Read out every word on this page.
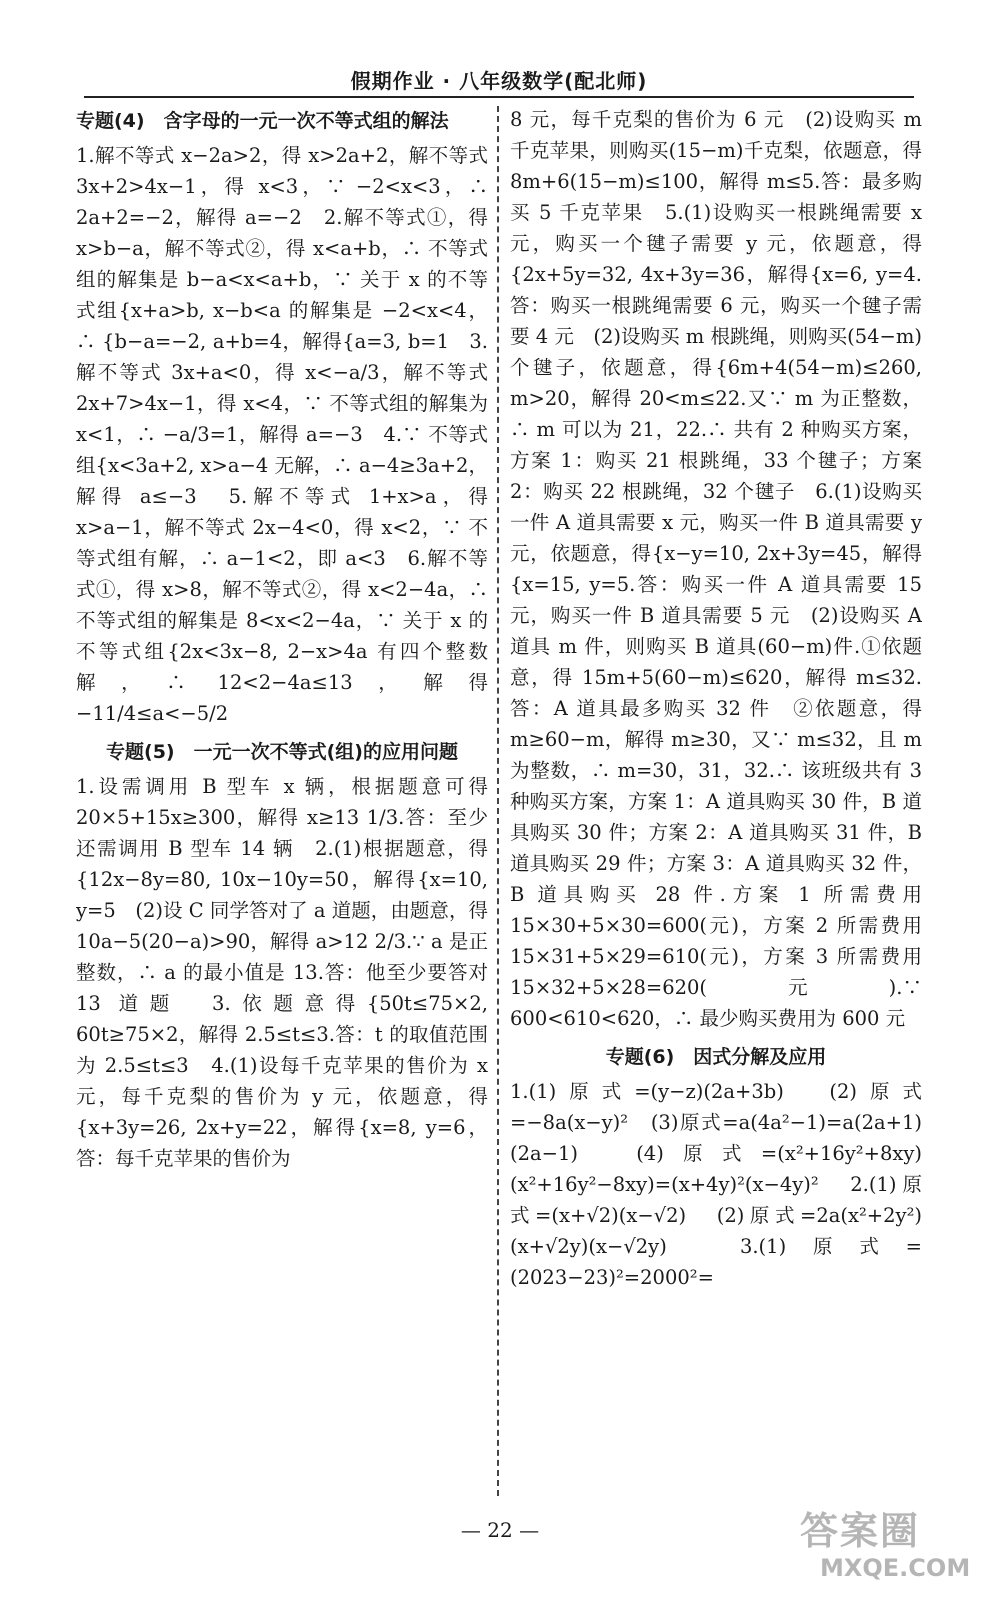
假期作业 · 八年级数学(配北师)
专题(4)　含字母的一元一次不等式组的解法

1.解不等式 x−2a>2，得 x>2a+2，解不等式 3x+2>4x−1，得 x<3，∵ −2<x<3，∴ 2a+2=−2，解得 a=−2　2.解不等式①，得 x>b−a，解不等式②，得 x<a+b，∴ 不等式组的解集是 b−a<x<a+b，∵ 关于 x 的不等式组{x+a>b, x−b<a 的解集是 −2<x<4，∴ {b−a=−2, a+b=4，解得{a=3, b=1　3.解不等式 3x+a<0，得 x<−a/3，解不等式 2x+7>4x−1，得 x<4，∵ 不等式组的解集为 x<1，∴ −a/3=1，解得 a=−3　4.∵ 不等式组{x<3a+2, x>a−4 无解，∴ a−4≥3a+2，解得 a≤−3　5.解不等式 1+x>a，得 x>a−1，解不等式 2x−4<0，得 x<2，∵ 不等式组有解，∴ a−1<2，即 a<3　6.解不等式①，得 x>8，解不等式②，得 x<2−4a，∴ 不等式组的解集是 8<x<2−4a，∵ 关于 x 的不等式组{2x<3x−8, 2−x>4a 有四个整数解，∴ 12<2−4a≤13，解得 −11/4≤a<−5/2

专题(5)　一元一次不等式(组)的应用问题

1.设需调用 B 型车 x 辆，根据题意可得 20×5+15x≥300，解得 x≥13 1/3.答：至少还需调用 B 型车 14 辆　2.(1)根据题意，得{12x−8y=80, 10x−10y=50，解得{x=10, y=5　(2)设 C 同学答对了 a 道题，由题意，得 10a−5(20−a)>90，解得 a>12 2/3.∵ a 是正整数，∴ a 的最小值是 13.答：他至少要答对 13 道题　3.依题意得{50t≤75×2, 60t≥75×2，解得 2.5≤t≤3.答：t 的取值范围为 2.5≤t≤3　4.(1)设每千克苹果的售价为 x 元，每千克梨的售价为 y 元，依题意，得{x+3y=26, 2x+y=22，解得{x=8, y=6，答：每千克苹果的售价为

8 元，每千克梨的售价为 6 元　(2)设购买 m 千克苹果，则购买(15−m)千克梨，依题意，得 8m+6(15−m)≤100，解得 m≤5.答：最多购买 5 千克苹果　5.(1)设购买一根跳绳需要 x 元，购买一个毽子需要 y 元，依题意，得{2x+5y=32, 4x+3y=36，解得{x=6, y=4.答：购买一根跳绳需要 6 元，购买一个毽子需要 4 元　(2)设购买 m 根跳绳，则购买(54−m)个毽子，依题意，得{6m+4(54−m)≤260, m>20，解得 20<m≤22.又∵ m 为正整数，∴ m 可以为 21，22.∴ 共有 2 种购买方案，方案 1：购买 21 根跳绳，33 个毽子；方案 2：购买 22 根跳绳，32 个毽子　6.(1)设购买一件 A 道具需要 x 元，购买一件 B 道具需要 y 元，依题意，得{x−y=10, 2x+3y=45，解得{x=15, y=5.答：购买一件 A 道具需要 15 元，购买一件 B 道具需要 5 元　(2)设购买 A 道具 m 件，则购买 B 道具(60−m)件.①依题意，得 15m+5(60−m)≤620，解得 m≤32.答：A 道具最多购买 32 件　②依题意，得 m≥60−m，解得 m≥30，又∵ m≤32，且 m 为整数，∴ m=30，31，32.∴ 该班级共有 3 种购买方案，方案 1：A 道具购买 30 件，B 道具购买 30 件；方案 2：A 道具购买 31 件，B 道具购买 29 件；方案 3：A 道具购买 32 件，B 道具购买 28 件.方案 1 所需费用 15×30+5×30=600(元)，方案 2 所需费用 15×31+5×29=610(元)，方案 3 所需费用 15×32+5×28=620(元).∵ 600<610<620，∴ 最少购买费用为 600 元

专题(6)　因式分解及应用

1.(1)原式=(y−z)(2a+3b)　(2)原式=−8a(x−y)²　(3)原式=a(4a²−1)=a(2a+1)(2a−1)　(4)原式=(x²+16y²+8xy)(x²+16y²−8xy)=(x+4y)²(x−4y)²　2.(1)原式=(x+√2)(x−√2)　(2)原式=2a(x²+2y²)(x+√2y)(x−√2y)　3.(1)原式=(2023−23)²=2000²=

— 22 —	答案圈
MXQE.COM
